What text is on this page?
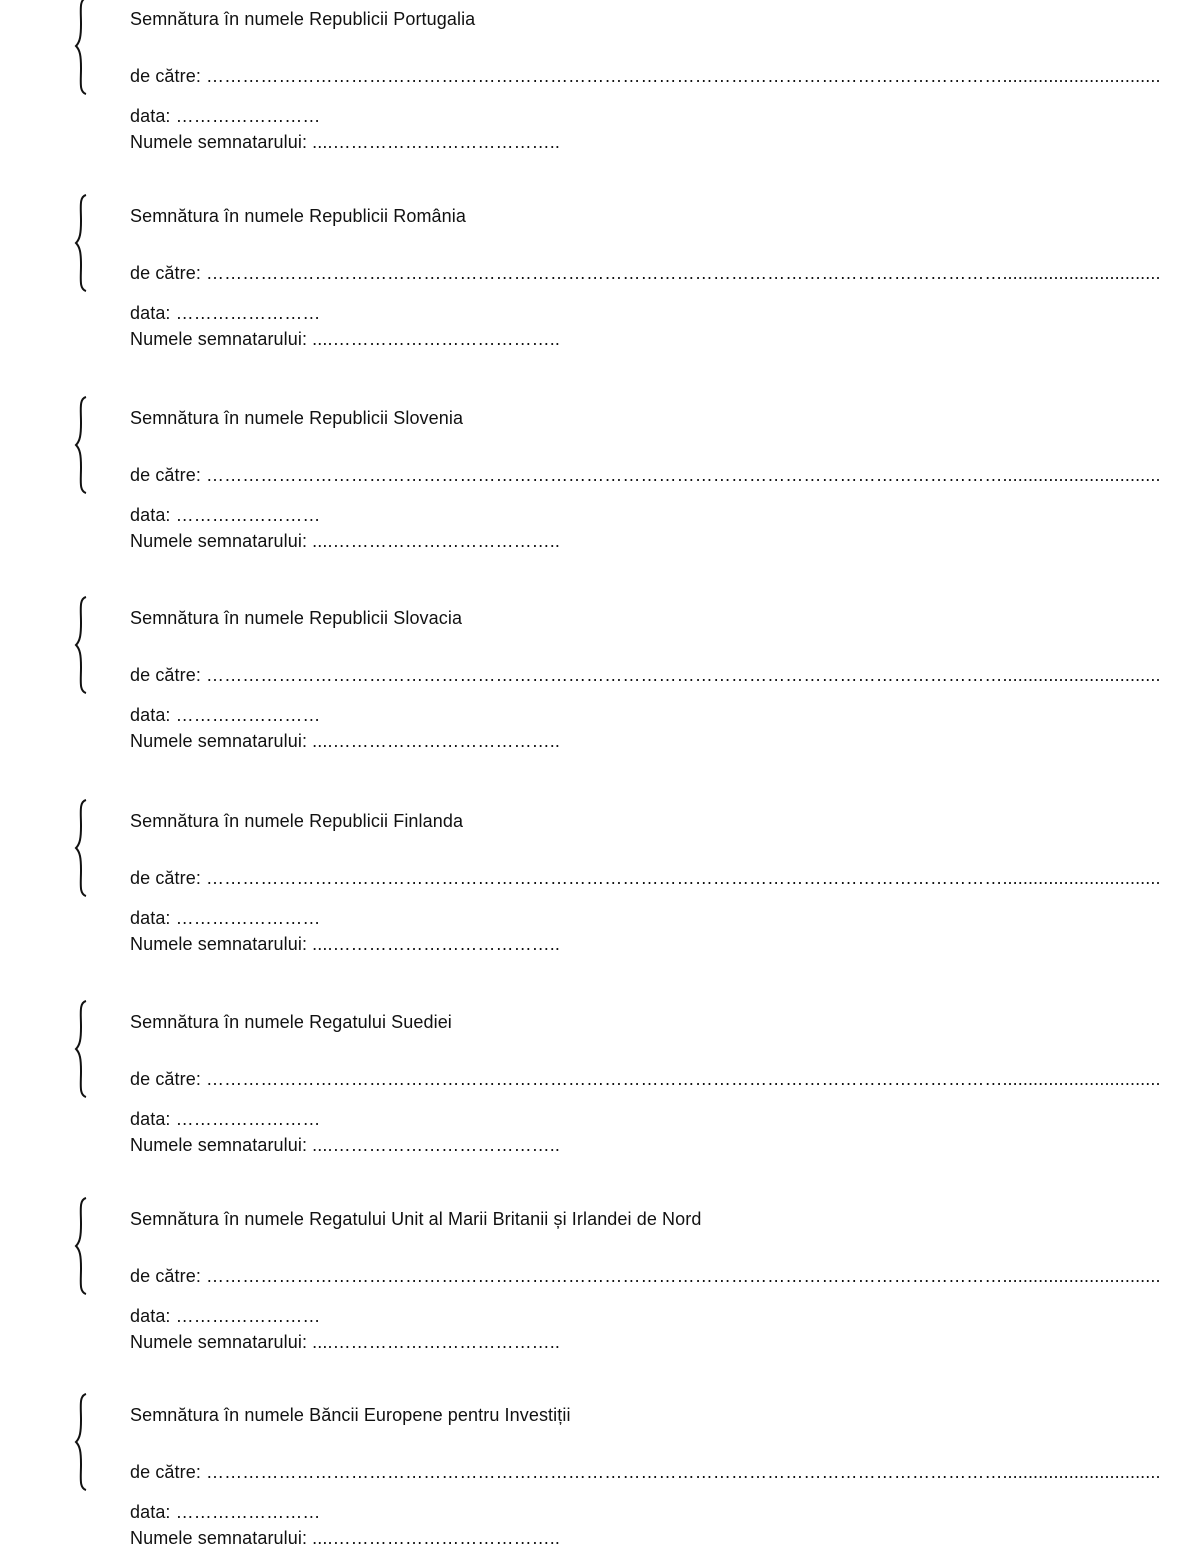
Semnătura în numele Republicii Portugalia
de către: ……………………………………………………………………………………………………………………...............................
data: ……………………
Numele semnatarului: ....………………………………..
Semnătura în numele Republicii România
de către: ……………………………………………………………………………………………………………………...............................
data: ……………………
Numele semnatarului: ....………………………………..
Semnătura în numele Republicii Slovenia
de către: ……………………………………………………………………………………………………………………...............................
data: ……………………
Numele semnatarului: ....………………………………..
Semnătura în numele Republicii Slovacia
de către: ……………………………………………………………………………………………………………………...............................
data: ……………………
Numele semnatarului: ....………………………………..
Semnătura în numele Republicii Finlanda
de către: ……………………………………………………………………………………………………………………...............................
data: ……………………
Numele semnatarului: ....………………………………..
Semnătura în numele Regatului Suediei
de către: ……………………………………………………………………………………………………………………...............................
data: ……………………
Numele semnatarului: ....………………………………..
Semnătura în numele Regatului Unit al Marii Britanii și Irlandei de Nord
de către: ……………………………………………………………………………………………………………………...............................
data: ……………………
Numele semnatarului: ....………………………………..
Semnătura în numele Băncii Europene pentru Investiții
de către: ……………………………………………………………………………………………………………………...............................
data: ……………………
Numele semnatarului: ....………………………………..
